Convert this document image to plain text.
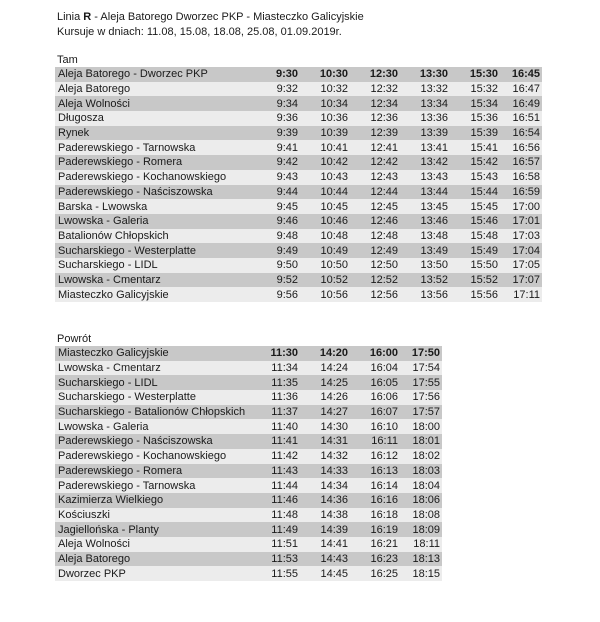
Linia R - Aleja Batorego Dworzec PKP - Miasteczko Galicyjskie
Kursuje w dniach: 11.08, 15.08, 18.08, 25.08, 01.09.2019r.
Tam
Aleja Batorego - Dworzec PKP	9:30	10:30	12:30	13:30	15:30	16:45
Aleja Batorego	9:32	10:32	12:32	13:32	15:32	16:47
Aleja Wolności	9:34	10:34	12:34	13:34	15:34	16:49
Długosza	9:36	10:36	12:36	13:36	15:36	16:51
Rynek	9:39	10:39	12:39	13:39	15:39	16:54
Paderewskiego - Tarnowska	9:41	10:41	12:41	13:41	15:41	16:56
Paderewskiego - Romera	9:42	10:42	12:42	13:42	15:42	16:57
Paderewskiego - Kochanowskiego	9:43	10:43	12:43	13:43	15:43	16:58
Paderewskiego - Naściszowska	9:44	10:44	12:44	13:44	15:44	16:59
Barska - Lwowska	9:45	10:45	12:45	13:45	15:45	17:00
Lwowska - Galeria	9:46	10:46	12:46	13:46	15:46	17:01
Batalionów Chłopskich	9:48	10:48	12:48	13:48	15:48	17:03
Sucharskiego - Westerplatte	9:49	10:49	12:49	13:49	15:49	17:04
Sucharskiego - LIDL	9:50	10:50	12:50	13:50	15:50	17:05
Lwowska - Cmentarz	9:52	10:52	12:52	13:52	15:52	17:07
Miasteczko Galicyjskie	9:56	10:56	12:56	13:56	15:56	17:11
Powrót
Miasteczko Galicyjskie	11:30	14:20	16:00	17:50
Lwowska - Cmentarz	11:34	14:24	16:04	17:54
Sucharskiego - LIDL	11:35	14:25	16:05	17:55
Sucharskiego - Westerplatte	11:36	14:26	16:06	17:56
Sucharskiego - Batalionów Chłopskich	11:37	14:27	16:07	17:57
Lwowska - Galeria	11:40	14:30	16:10	18:00
Paderewskiego - Naściszowska	11:41	14:31	16:11	18:01
Paderewskiego - Kochanowskiego	11:42	14:32	16:12	18:02
Paderewskiego - Romera	11:43	14:33	16:13	18:03
Paderewskiego - Tarnowska	11:44	14:34	16:14	18:04
Kazimierza Wielkiego	11:46	14:36	16:16	18:06
Kościuszki	11:48	14:38	16:18	18:08
Jagiellońska - Planty	11:49	14:39	16:19	18:09
Aleja Wolności	11:51	14:41	16:21	18:11
Aleja Batorego	11:53	14:43	16:23	18:13
Dworzec PKP	11:55	14:45	16:25	18:15
